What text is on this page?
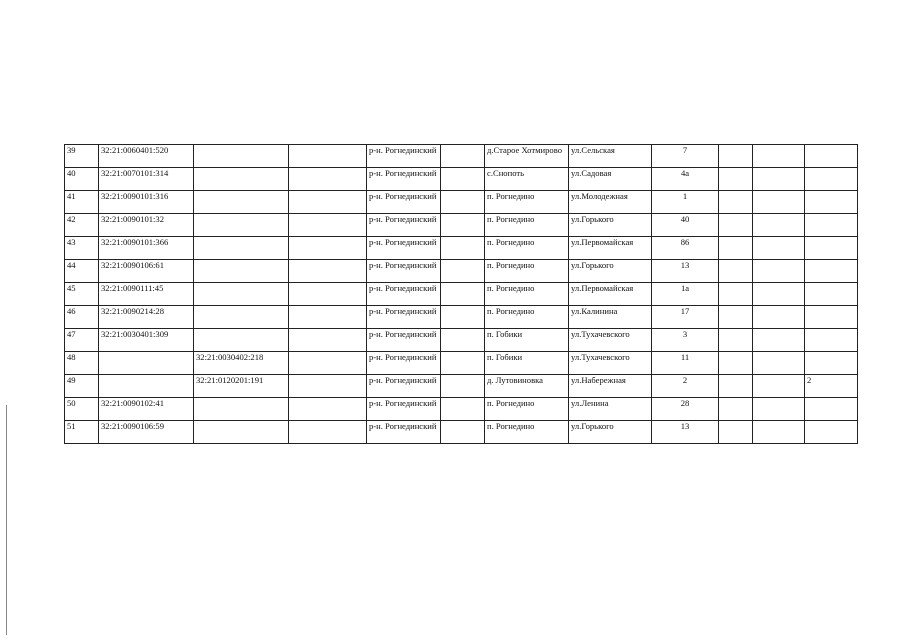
39	32:21:0060401:520			р-н. Рогнединский		д.Старое Хотмирово	ул.Сельская	7			
40	32:21:0070101:314			р-н. Рогнединский		с.Снопоть	ул.Садовая	4а			
41	32:21:0090101:316			р-н. Рогнединский		п. Рогнедино	ул.Молодежная	1			
42	32:21:0090101:32			р-н. Рогнединский		п. Рогнедино	ул.Горького	40			
43	32:21:0090101:366			р-н. Рогнединский		п. Рогнедино	ул.Первомайская	86			
44	32:21:0090106:61			р-н. Рогнединский		п. Рогнедино	ул.Горького	13			
45	32:21:0090111:45			р-н. Рогнединский		п. Рогнедино	ул.Первомайская	1а			
46	32:21:0090214:28			р-н. Рогнединский		п. Рогнедино	ул.Калинина	17			
47	32:21:0030401:309			р-н. Рогнединский		п. Гобики	ул.Тухачевского	3			
48		32:21:0030402:218		р-н. Рогнединский		п. Гобики	ул.Тухачевского	11			
49		32:21:0120201:191		р-н. Рогнединский		д. Лутовиновка	ул.Набережная	2			2
50	32:21:0090102:41			р-н. Рогнединский		п. Рогнедино	ул.Ленина	28			
51	32:21:0090106:59			р-н. Рогнединский		п. Рогнедино	ул.Горького	13			
